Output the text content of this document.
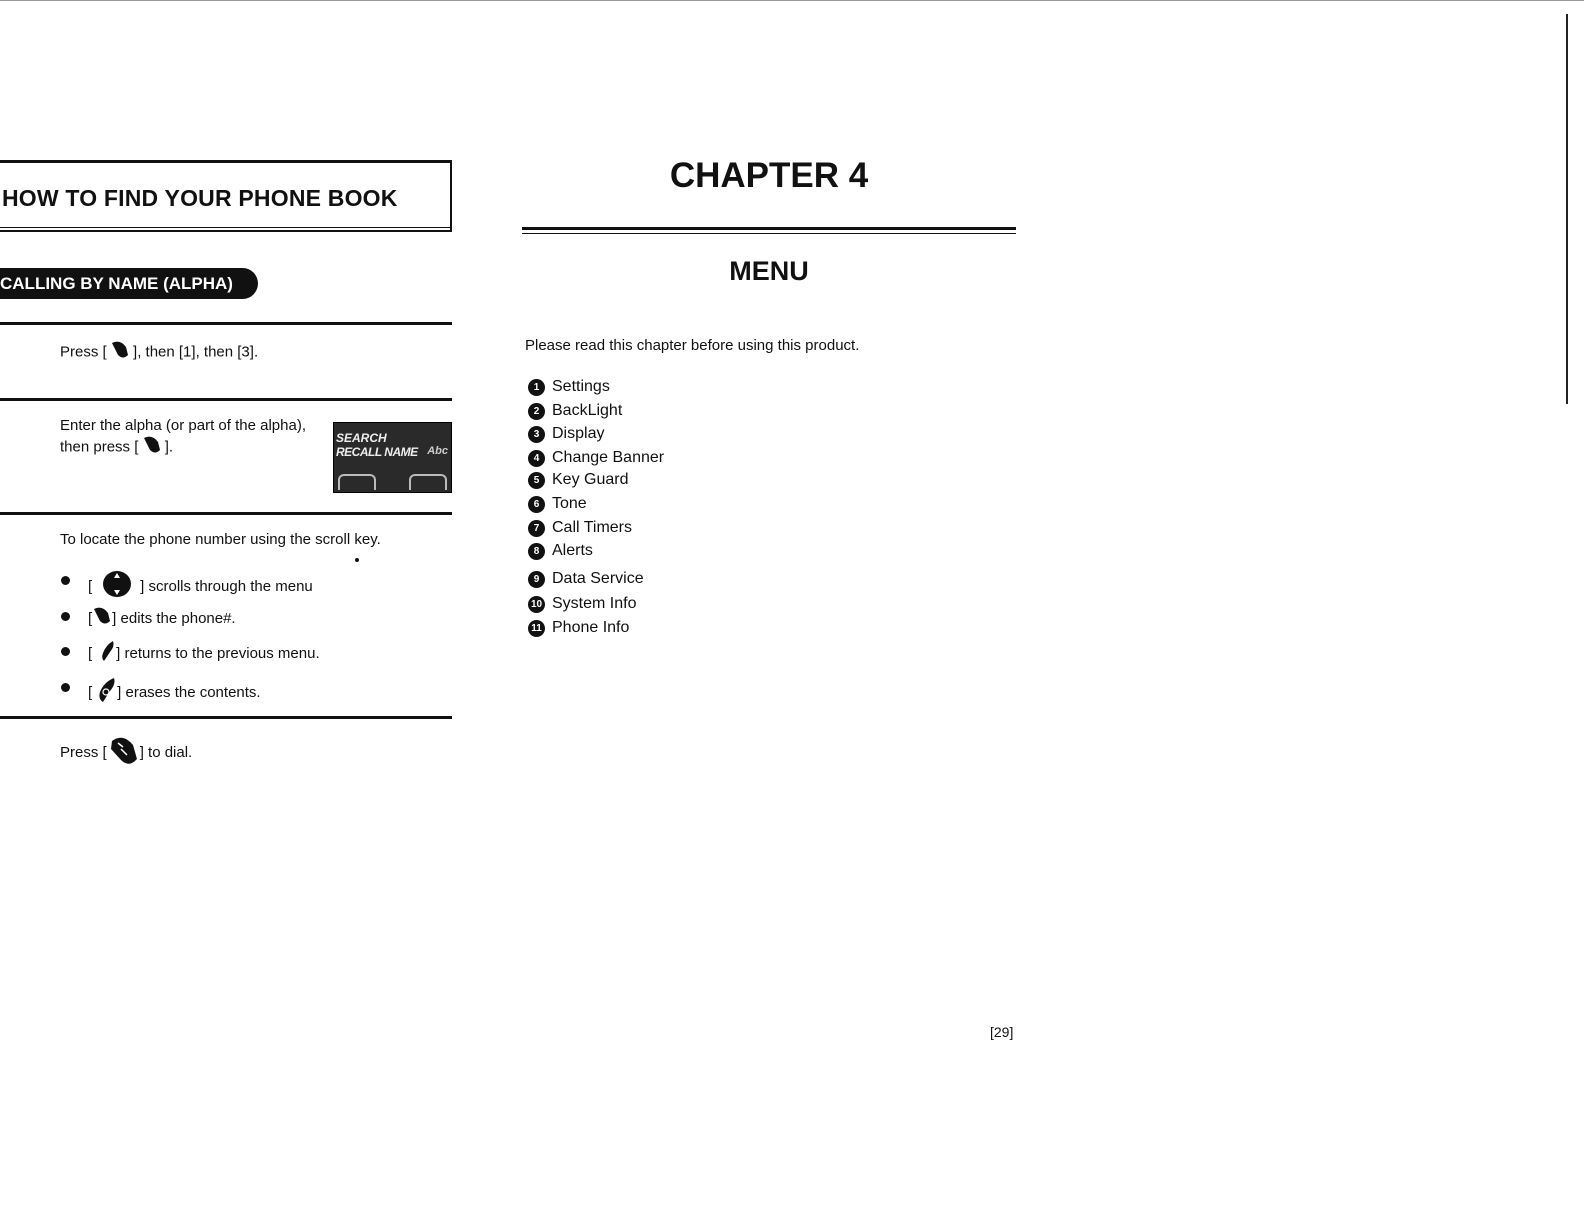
HOW TO FIND YOUR PHONE BOOK
CALLING BY NAME (ALPHA)
Press [  ], then [1], then [3].
Enter the alpha (or part of the alpha),
then press [  ].
SEARCH
RECALL NAME Abc
To locate the phone number using the scroll key.
[	] scrolls through the menu
[ ] edits the phone#.
[ ] returns to the previous menu.
[ ] erases the contents.
Press [ ] to dial.
CHAPTER 4
MENU
Please read this chapter before using this product.
1 Settings
2 BackLight
3 Display
4 Change Banner
5 Key Guard
6 Tone
7 Call Timers
8 Alerts
9 Data Service
10 System Info
11 Phone Info
[29]
